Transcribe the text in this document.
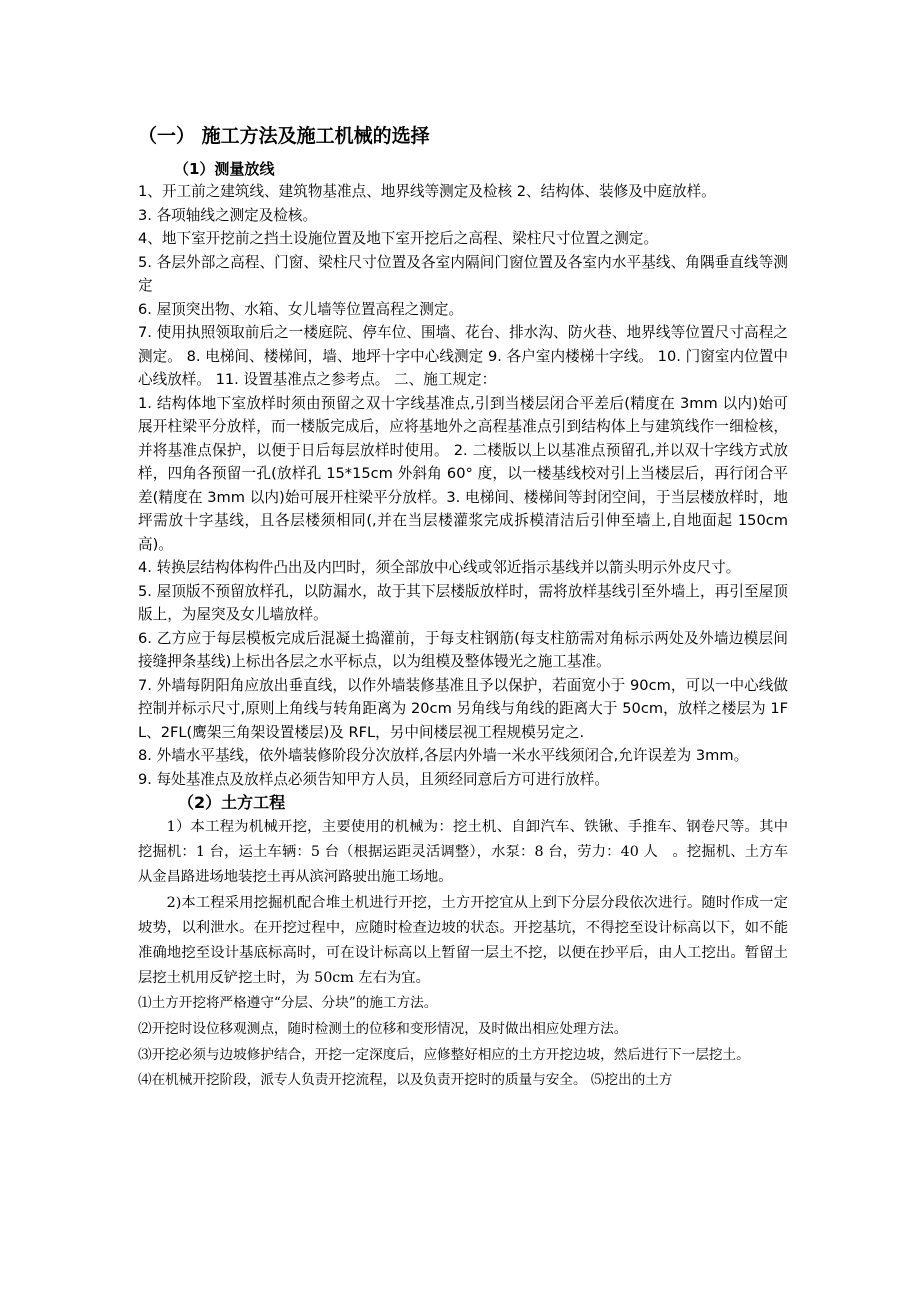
（一） 施工方法及施工机械的选择
（1）测量放线
1、开工前之建筑线、建筑物基准点、地界线等测定及检核 2、结构体、装修及中庭放样。
3. 各项轴线之测定及检核。
4、地下室开挖前之挡土设施位置及地下室开挖后之高程、梁柱尺寸位置之测定。
5. 各层外部之高程、门窗、梁柱尺寸位置及各室内隔间门窗位置及各室内水平基线、角隅垂直线等测定
6. 屋顶突出物、水箱、女儿墙等位置高程之测定。
7. 使用执照领取前后之一楼庭院、停车位、围墙、花台、排水沟、防火巷、地界线等位置尺寸高程之测定。 8. 电梯间、楼梯间，墙、地坪十字中心线测定 9. 各户室内楼梯十字线。 10. 门窗室内位置中心线放样。 11. 设置基准点之参考点。 二、施工规定：
1. 结构体地下室放样时须由预留之双十字线基准点,引到当楼层闭合平差后(精度在 3mm 以内)始可展开柱梁平分放样，而一楼版完成后，应将基地外之高程基准点引到结构体上与建筑线作一细检核，并将基准点保护，以便于日后每层放样时使用。 2. 二楼版以上以基准点预留孔,并以双十字线方式放样，四角各预留一孔(放样孔 15*15cm 外斜角 60° 度，以一楼基线校对引上当楼层后，再行闭合平差(精度在 3mm 以内)始可展开柱梁平分放样。3. 电梯间、楼梯间等封闭空间，于当层楼放样时，地坪需放十字基线，且各层楼须相同(,并在当层楼灌浆完成拆模清洁后引伸至墙上,自地面起 150cm 高)。
4. 转换层结构体构件凸出及内凹时，须全部放中心线或邻近指示基线并以箭头明示外皮尺寸。
5. 屋顶版不预留放样孔，以防漏水，故于其下层楼版放样时，需将放样基线引至外墙上，再引至屋顶版上，为屋突及女儿墙放样。
6. 乙方应于每层模板完成后混凝土捣灌前，于每支柱钢筋(每支柱筋需对角标示两处及外墙边模层间接缝押条基线)上标出各层之水平标点，以为组模及整体镘光之施工基准。
7. 外墙每阴阳角应放出垂直线，以作外墙装修基准且予以保护，若面宽小于 90cm，可以一中心线做控制并标示尺寸,原则上角线与转角距离为 20cm 另角线与角线的距离大于 50cm，放样之楼层为 1FL、2FL(鹰架三角架设置楼层)及 RFL，另中间楼层视工程规模另定之.
8. 外墙水平基线，依外墙装修阶段分次放样,各层内外墙一米水平线须闭合,允许误差为 3mm。
9. 每处基准点及放样点必须告知甲方人员，且须经同意后方可进行放样。
（2）土方工程
1）本工程为机械开挖，主要使用的机械为：挖土机、自卸汽车、铁锹、手推车、钢卷尺等。其中挖掘机：1 台，运土车辆：5 台（根据运距灵活调整），水泵：8 台，劳力：40 人　。挖掘机、土方车从金昌路进场地装挖土再从滨河路驶出施工场地。
2)本工程采用挖掘机配合堆土机进行开挖，土方开挖宜从上到下分层分段依次进行。随时作成一定坡势，以利泄水。在开挖过程中，应随时检查边坡的状态。开挖基坑，不得挖至设计标高以下，如不能准确地挖至设计基底标高时，可在设计标高以上暂留一层土不挖，以便在抄平后，由人工挖出。暂留土层挖土机用反铲挖土时，为 50cm 左右为宜。
⑴土方开挖将严格遵守“分层、分块”的施工方法。
⑵开挖时设位移观测点，随时检测土的位移和变形情况，及时做出相应处理方法。
⑶开挖必须与边坡修护结合，开挖一定深度后，应修整好相应的土方开挖边坡，然后进行下一层挖土。
⑷在机械开挖阶段，派专人负责开挖流程，以及负责开挖时的质量与安全。 ⑸挖出的土方
